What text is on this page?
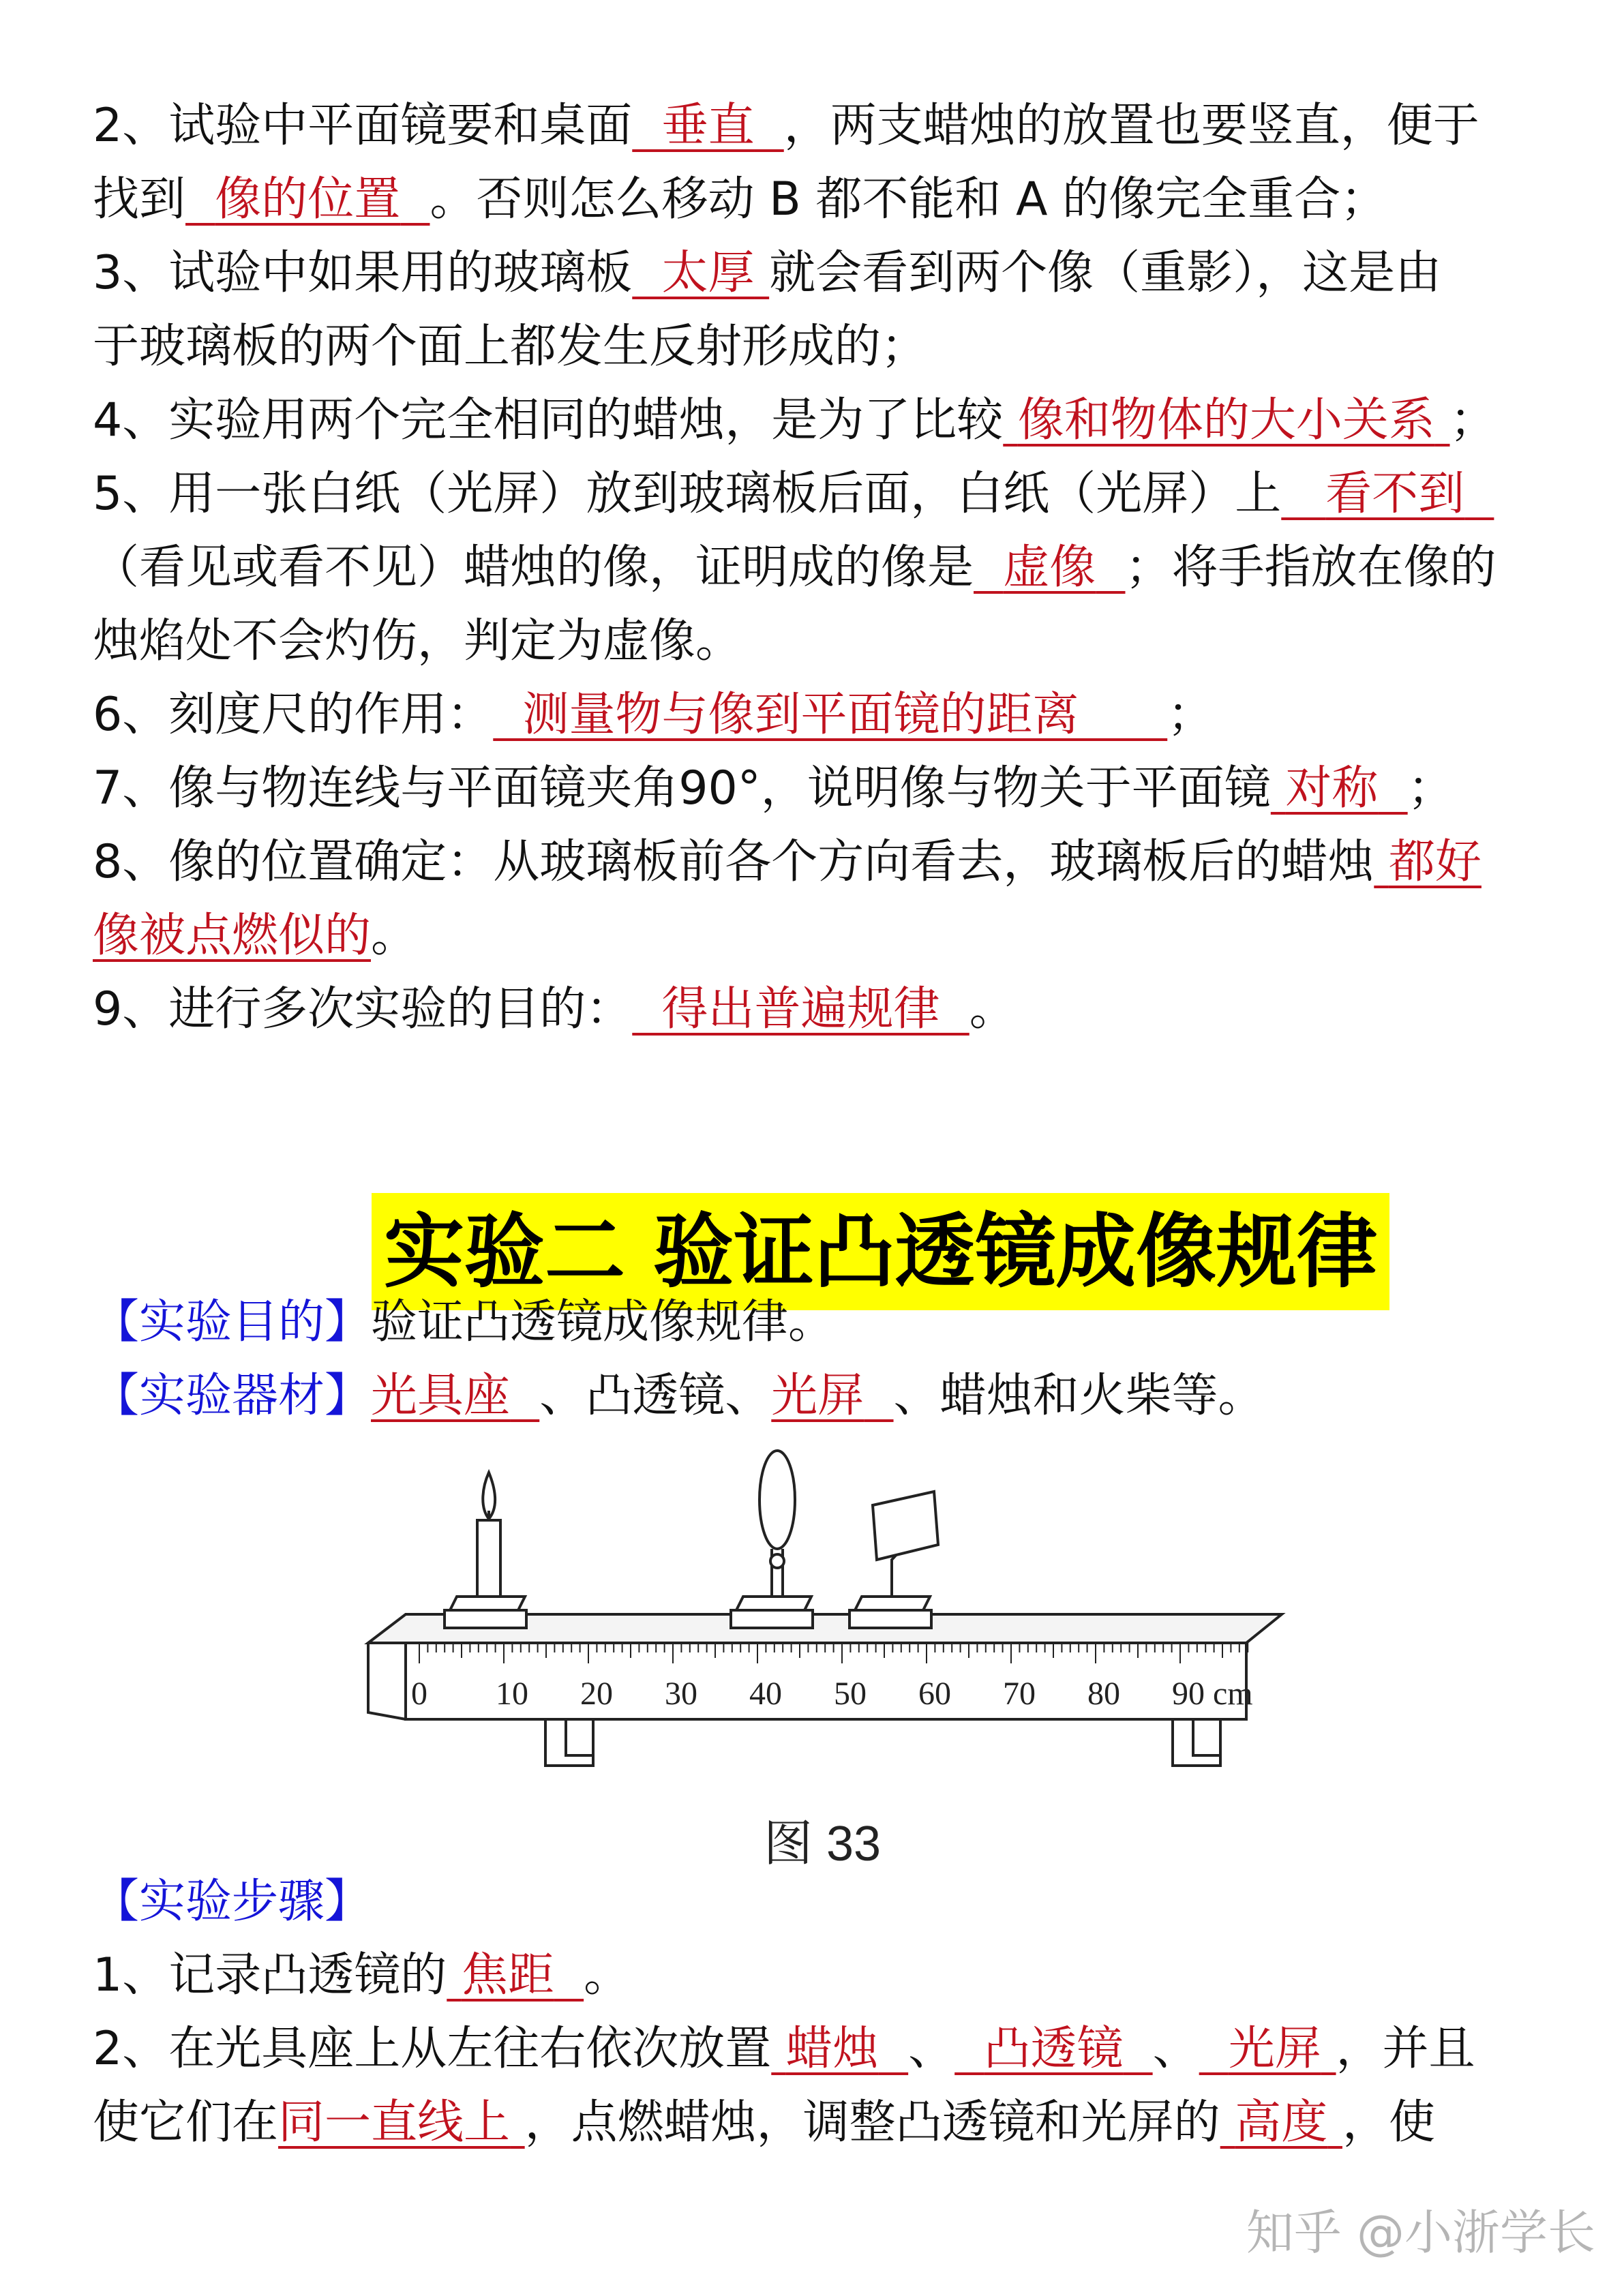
2、试验中平面镜要和桌面 垂直 ，两支蜡烛的放置也要竖直，便于

找到 像的位置 。否则怎么移动 B 都不能和 A 的像完全重合；

3、试验中如果用的玻璃板 太厚 就会看到两个像（重影），这是由

于玻璃板的两个面上都发生反射形成的；

4、实验用两个完全相同的蜡烛，是为了比较 像和物体的大小关系 ；

5、用一张白纸（光屏）放到玻璃板后面，白纸（光屏）上 看不到

（看见或看不见）蜡烛的像，证明成的像是 虚像 ；将手指放在像的

烛焰处不会灼伤，判定为虚像。

6、刻度尺的作用： 测量物与像到平面镜的距离 ；

7、像与物连线与平面镜夹角90°，说明像与物关于平面镜 对称 ；

8、像的位置确定：从玻璃板前各个方向看去，玻璃板后的蜡烛 都好

像被点燃似的。

9、进行多次实验的目的： 得出普遍规律 。

实验二 验证凸透镜成像规律

【实验目的】验证凸透镜成像规律。

【实验器材】光具座 、凸透镜、光屏 、蜡烛和火柴等。

0 10 20 30 40 50 60 70 80 90 cm
图 33

【实验步骤】

1、记录凸透镜的 焦距 。

2、在光具座上从左往右依次放置 蜡烛 、 凸透镜 、 光屏 ，并且

使它们在同一直线上 ，点燃蜡烛，调整凸透镜和光屏的 高度 ，使

知乎 @小浙学长
